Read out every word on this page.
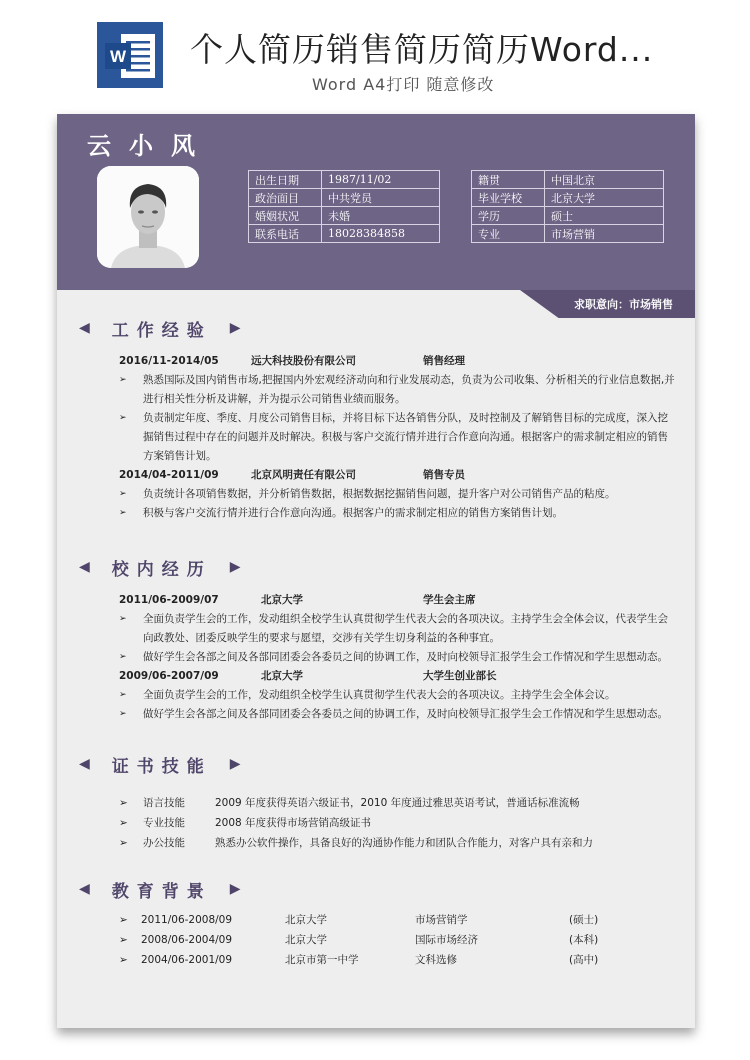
W 个人简历销售简历简历Word...
Word A4打印 随意修改
云小风
出生日期	1987/11/02
政治面目	中共党员
婚姻状况	未婚
联系电话	18028384858
籍贯	中国北京
毕业学校	北京大学
学历	硕士
专业	市场营销
求职意向：市场销售
◀ 工作经验 ▶
2016/11-2014/05	远大科技股份有限公司	销售经理
➢ 熟悉国际及国内销售市场,把握国内外宏观经济动向和行业发展动态，负责为公司收集、分析相关的行业信息数据,并进行相关性分析及讲解，并为提示公司销售业绩而服务。
➢ 负责制定年度、季度、月度公司销售目标，并将目标下达各销售分队，及时控制及了解销售目标的完成度，深入挖掘销售过程中存在的问题并及时解决。积极与客户交流行情并进行合作意向沟通。根据客户的需求制定相应的销售方案销售计划。
2014/04-2011/09	北京风明责任有限公司	销售专员
➢ 负责统计各项销售数据，并分析销售数据，根据数据挖掘销售问题，提升客户对公司销售产品的粘度。
➢ 积极与客户交流行情并进行合作意向沟通。根据客户的需求制定相应的销售方案销售计划。
◀ 校内经历 ▶
2011/06-2009/07	北京大学	学生会主席
➢ 全面负责学生会的工作，发动组织全校学生认真贯彻学生代表大会的各项决议。主持学生会全体会议，代表学生会向政教处、团委反映学生的要求与愿望，交涉有关学生切身利益的各种事宜。
➢ 做好学生会各部之间及各部同团委会各委员之间的协调工作，及时向校领导汇报学生会工作情况和学生思想动态。
2009/06-2007/09	北京大学	大学生创业部长
➢ 全面负责学生会的工作，发动组织全校学生认真贯彻学生代表大会的各项决议。主持学生会全体会议。
➢ 做好学生会各部之间及各部同团委会各委员之间的协调工作，及时向校领导汇报学生会工作情况和学生思想动态。
◀ 证书技能 ▶
➢ 语言技能	2009 年度获得英语六级证书，2010 年度通过雅思英语考试，普通话标准流畅
➢ 专业技能	2008 年度获得市场营销高级证书
➢ 办公技能	熟悉办公软件操作，具备良好的沟通协作能力和团队合作能力，对客户具有亲和力
◀ 教育背景 ▶
➢ 2011/06-2008/09	北京大学	市场营销学	(硕士)
➢ 2008/06-2004/09	北京大学	国际市场经济	(本科)
➢ 2004/06-2001/09	北京市第一中学	文科选修	(高中)
